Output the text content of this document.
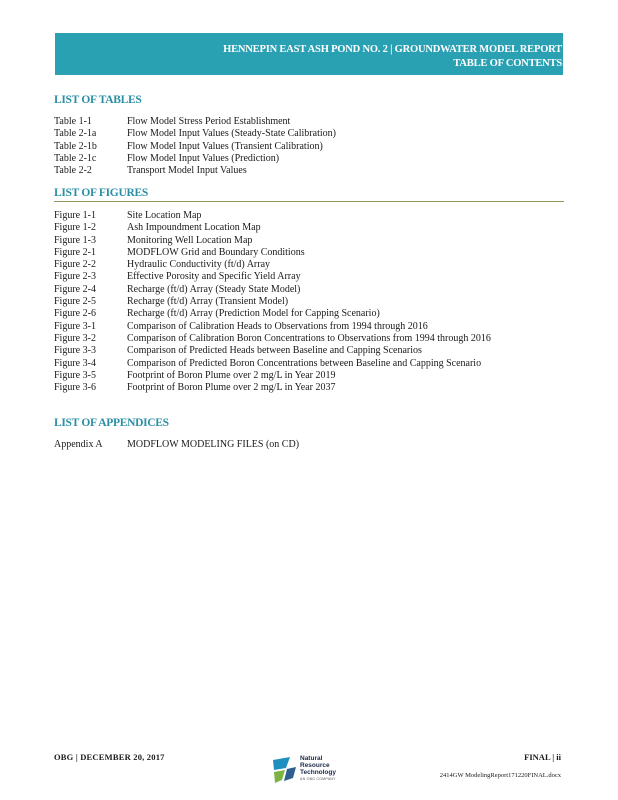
HENNEPIN EAST ASH POND NO. 2 | GROUNDWATER MODEL REPORT
TABLE OF CONTENTS
LIST OF TABLES
Table 1-1	Flow Model Stress Period Establishment
Table 2-1a	Flow Model Input Values (Steady-State Calibration)
Table 2-1b	Flow Model Input Values (Transient Calibration)
Table 2-1c	Flow Model Input Values (Prediction)
Table 2-2	Transport Model Input Values
LIST OF FIGURES
Figure 1-1	Site Location Map
Figure 1-2	Ash Impoundment Location Map
Figure 1-3	Monitoring Well Location Map
Figure 2-1	MODFLOW Grid and Boundary Conditions
Figure 2-2	Hydraulic Conductivity (ft/d) Array
Figure 2-3	Effective Porosity and Specific Yield Array
Figure 2-4	Recharge (ft/d) Array (Steady State Model)
Figure 2-5	Recharge (ft/d) Array (Transient Model)
Figure 2-6	Recharge (ft/d) Array (Prediction Model for Capping Scenario)
Figure 3-1	Comparison of Calibration Heads to Observations from 1994 through 2016
Figure 3-2	Comparison of Calibration Boron Concentrations to Observations from 1994 through 2016
Figure 3-3	Comparison of Predicted Heads between Baseline and Capping Scenarios
Figure 3-4	Comparison of Predicted Boron Concentrations between Baseline and Capping Scenario
Figure 3-5	Footprint of Boron Plume over 2 mg/L in Year 2019
Figure 3-6	Footprint of Boron Plume over 2 mg/L in Year 2037
LIST OF APPENDICES
Appendix A	MODFLOW MODELING FILES (on CD)
OBG | DECEMBER 20, 2017	Natural
Resource
Technology
AN OBG COMPANY
FINAL | ii
2414GW ModelingReport171220FINAL.docx
